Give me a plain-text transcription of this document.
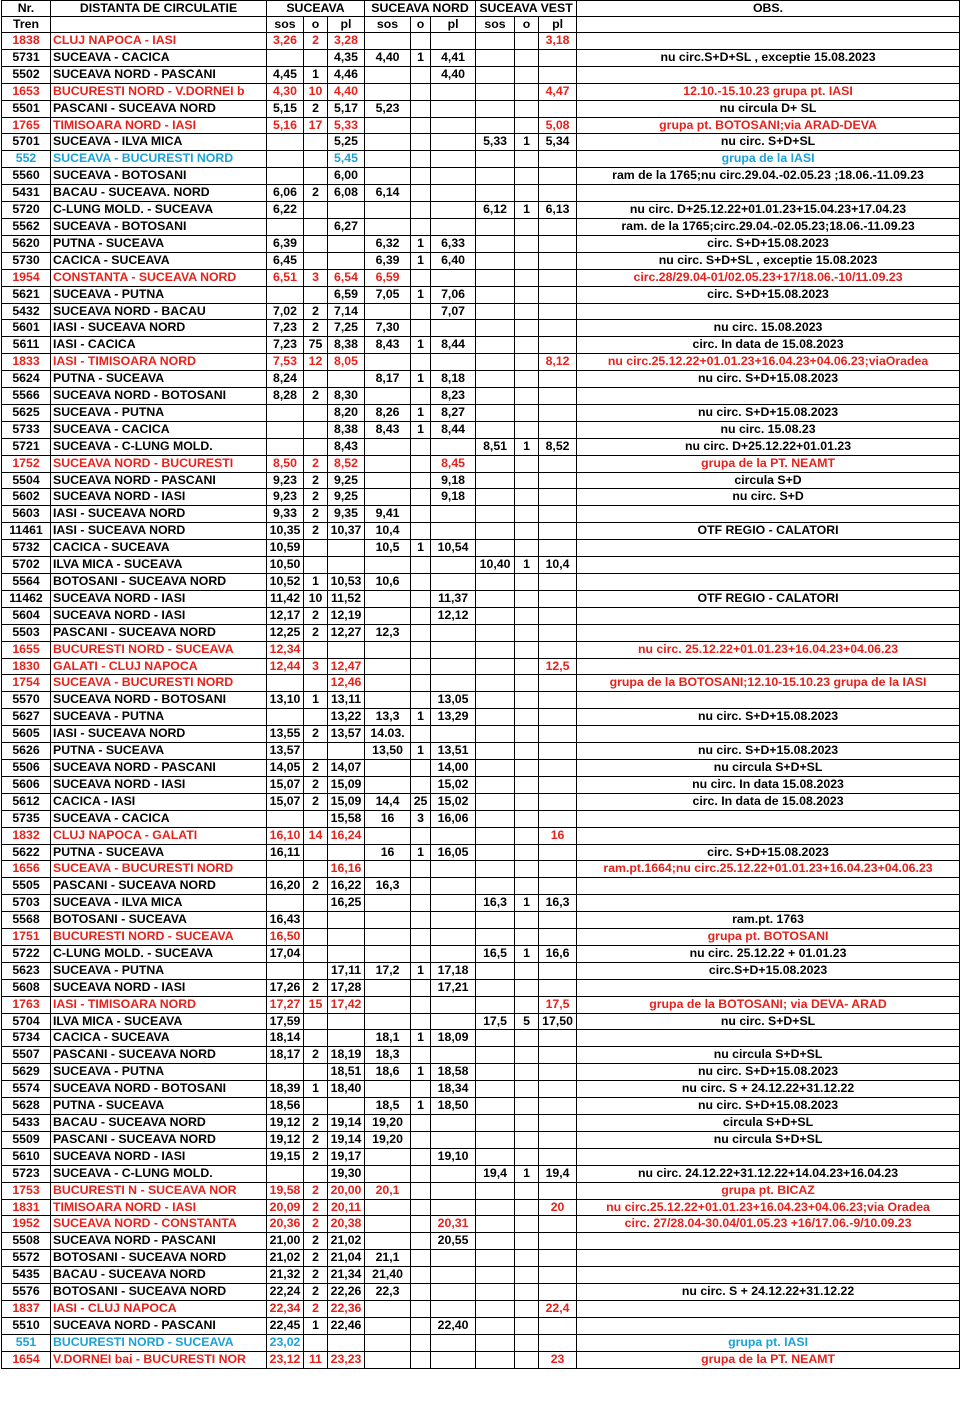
Nr.	DISTANTA DE CIRCULATIE	SUCEAVA			SUCEAVA NORD			SUCEAVA VEST			OBS.
Tren		sos	o	pl	sos	o	pl	sos	o	pl	
1838	CLUJ NAPOCA - IASI	3,26	2	3,28						3,18	
5731	SUCEAVA - CACICA			4,35	4,40	1	4,41				nu circ.S+D+SL , exceptie 15.08.2023
5502	SUCEAVA NORD - PASCANI	4,45	1	4,46			4,40				
1653	BUCURESTI NORD - V.DORNEI b	4,30	10	4,40						4,47	12.10.-15.10.23 grupa pt. IASI
5501	PASCANI - SUCEAVA NORD	5,15	2	5,17	5,23						nu circula D+ SL
1765	TIMISOARA NORD - IASI	5,16	17	5,33						5,08	grupa pt. BOTOSANI;via ARAD-DEVA
5701	SUCEAVA - ILVA MICA			5,25				5,33	1	5,34	nu circ. S+D+SL
552	SUCEAVA - BUCURESTI NORD			5,45							grupa de la IASI
5560	SUCEAVA - BOTOSANI			6,00							ram de la 1765;nu circ.29.04.-02.05.23 ;18.06.-11.09.23
5431	BACAU - SUCEAVA. NORD	6,06	2	6,08	6,14						
5720	C-LUNG MOLD. - SUCEAVA	6,22						6,12	1	6,13	nu circ. D+25.12.22+01.01.23+15.04.23+17.04.23
5562	SUCEAVA - BOTOSANI			6,27							ram. de la 1765;circ.29.04.-02.05.23;18.06.-11.09.23
5620	PUTNA - SUCEAVA	6,39			6,32	1	6,33				circ. S+D+15.08.2023
5730	CACICA - SUCEAVA	6,45			6,39	1	6,40				nu circ. S+D+SL , exceptie 15.08.2023
1954	CONSTANTA - SUCEAVA NORD	6,51	3	6,54	6,59						circ.28/29.04-01/02.05.23+17/18.06.-10/11.09.23
5621	SUCEAVA - PUTNA			6,59	7,05	1	7,06				circ. S+D+15.08.2023
5432	SUCEAVA NORD - BACAU	7,02	2	7,14			7,07				
5601	IASI - SUCEAVA NORD	7,23	2	7,25	7,30						nu circ. 15.08.2023
5611	IASI - CACICA	7,23	75	8,38	8,43	1	8,44				circ. In data de 15.08.2023
1833	IASI - TIMISOARA NORD	7,53	12	8,05						8,12	nu circ.25.12.22+01.01.23+16.04.23+04.06.23;viaOradea
5624	PUTNA - SUCEAVA	8,24			8,17	1	8,18				nu circ. S+D+15.08.2023
5566	SUCEAVA NORD - BOTOSANI	8,28	2	8,30			8,23				
5625	SUCEAVA - PUTNA			8,20	8,26	1	8,27				nu circ. S+D+15.08.2023
5733	SUCEAVA - CACICA			8,38	8,43	1	8,44				nu circ. 15.08.23
5721	SUCEAVA - C-LUNG MOLD.			8,43				8,51	1	8,52	nu circ. D+25.12.22+01.01.23
1752	SUCEAVA NORD - BUCURESTI	8,50	2	8,52			8,45				grupa de la PT. NEAMT
5504	SUCEAVA NORD - PASCANI	9,23	2	9,25			9,18				circula S+D
5602	SUCEAVA NORD - IASI	9,23	2	9,25			9,18				nu circ. S+D
5603	IASI - SUCEAVA NORD	9,33	2	9,35	9,41						
11461	IASI - SUCEAVA NORD	10,35	2	10,37	10,4						OTF REGIO - CALATORI
5732	CACICA - SUCEAVA	10,59			10,5	1	10,54				
5702	ILVA MICA - SUCEAVA	10,50						10,40	1	10,4	
5564	BOTOSANI - SUCEAVA NORD	10,52	1	10,53	10,6						
11462	SUCEAVA NORD - IASI	11,42	10	11,52			11,37				OTF REGIO - CALATORI
5604	SUCEAVA NORD - IASI	12,17	2	12,19			12,12				
5503	PASCANI - SUCEAVA NORD	12,25	2	12,27	12,3						
1655	BUCURESTI NORD - SUCEAVA	12,34									nu circ. 25.12.22+01.01.23+16.04.23+04.06.23
1830	GALATI - CLUJ NAPOCA	12,44	3	12,47						12,5	
1754	SUCEAVA - BUCURESTI NORD			12,46							grupa de la BOTOSANI;12.10-15.10.23 grupa de la IASI
5570	SUCEAVA NORD - BOTOSANI	13,10	1	13,11			13,05				
5627	SUCEAVA - PUTNA			13,22	13,3	1	13,29				nu circ. S+D+15.08.2023
5605	IASI - SUCEAVA NORD	13,55	2	13,57	14.03.						
5626	PUTNA - SUCEAVA	13,57			13,50	1	13,51				nu circ. S+D+15.08.2023
5506	SUCEAVA NORD - PASCANI	14,05	2	14,07			14,00				nu circula S+D+SL
5606	SUCEAVA NORD - IASI	15,07	2	15,09			15,02				nu circ. In data 15.08.2023
5612	CACICA - IASI	15,07	2	15,09	14,4	25	15,02				circ. In data de 15.08.2023
5735	SUCEAVA - CACICA			15,58	16	3	16,06				
1832	CLUJ NAPOCA - GALATI	16,10	14	16,24						16	
5622	PUTNA - SUCEAVA	16,11			16	1	16,05				circ. S+D+15.08.2023
1656	SUCEAVA - BUCURESTI NORD			16,16							ram.pt.1664;nu circ.25.12.22+01.01.23+16.04.23+04.06.23
5505	PASCANI - SUCEAVA NORD	16,20	2	16,22	16,3						
5703	SUCEAVA - ILVA MICA			16,25				16,3	1	16,3	
5568	BOTOSANI - SUCEAVA	16,43									ram.pt. 1763
1751	BUCURESTI NORD - SUCEAVA	16,50									grupa pt. BOTOSANI
5722	C-LUNG MOLD. - SUCEAVA	17,04						16,5	1	16,6	nu circ. 25.12.22 + 01.01.23
5623	SUCEAVA - PUTNA			17,11	17,2	1	17,18				circ.S+D+15.08.2023
5608	SUCEAVA NORD - IASI	17,26	2	17,28			17,21				
1763	IASI - TIMISOARA NORD	17,27	15	17,42						17,5	grupa de la BOTOSANI; via DEVA- ARAD
5704	ILVA MICA - SUCEAVA	17,59						17,5	5	17,50	nu circ. S+D+SL
5734	CACICA - SUCEAVA	18,14			18,1	1	18,09				
5507	PASCANI - SUCEAVA NORD	18,17	2	18,19	18,3						nu circula S+D+SL
5629	SUCEAVA - PUTNA			18,51	18,6	1	18,58				nu circ. S+D+15.08.2023
5574	SUCEAVA NORD - BOTOSANI	18,39	1	18,40			18,34				nu circ. S + 24.12.22+31.12.22
5628	PUTNA - SUCEAVA	18,56			18,5	1	18,50				nu circ. S+D+15.08.2023
5433	BACAU - SUCEAVA NORD	19,12	2	19,14	19,20						circula S+D+SL
5509	PASCANI - SUCEAVA NORD	19,12	2	19,14	19,20						nu circula S+D+SL
5610	SUCEAVA NORD - IASI	19,15	2	19,17			19,10				
5723	SUCEAVA - C-LUNG MOLD.			19,30				19,4	1	19,4	nu circ. 24.12.22+31.12.22+14.04.23+16.04.23
1753	BUCURESTI N - SUCEAVA NOR	19,58	2	20,00	20,1						grupa pt. BICAZ
1831	TIMISOARA NORD - IASI	20,09	2	20,11						20	nu circ.25.12.22+01.01.23+16.04.23+04.06.23;via Oradea
1952	SUCEAVA NORD - CONSTANTA	20,36	2	20,38			20,31				circ. 27/28.04-30.04/01.05.23 +16/17.06.-9/10.09.23
5508	SUCEAVA NORD - PASCANI	21,00	2	21,02			20,55				
5572	BOTOSANI - SUCEAVA NORD	21,02	2	21,04	21,1						
5435	BACAU - SUCEAVA NORD	21,32	2	21,34	21,40						
5576	BOTOSANI - SUCEAVA NORD	22,24	2	22,26	22,3						nu circ. S + 24.12.22+31.12.22
1837	IASI - CLUJ NAPOCA	22,34	2	22,36						22,4	
5510	SUCEAVA NORD - PASCANI	22,45	1	22,46			22,40				
551	BUCURESTI NORD - SUCEAVA	23,02									grupa pt. IASI
1654	V.DORNEI bai - BUCURESTI NOR	23,12	11	23,23						23	grupa de la PT. NEAMT
